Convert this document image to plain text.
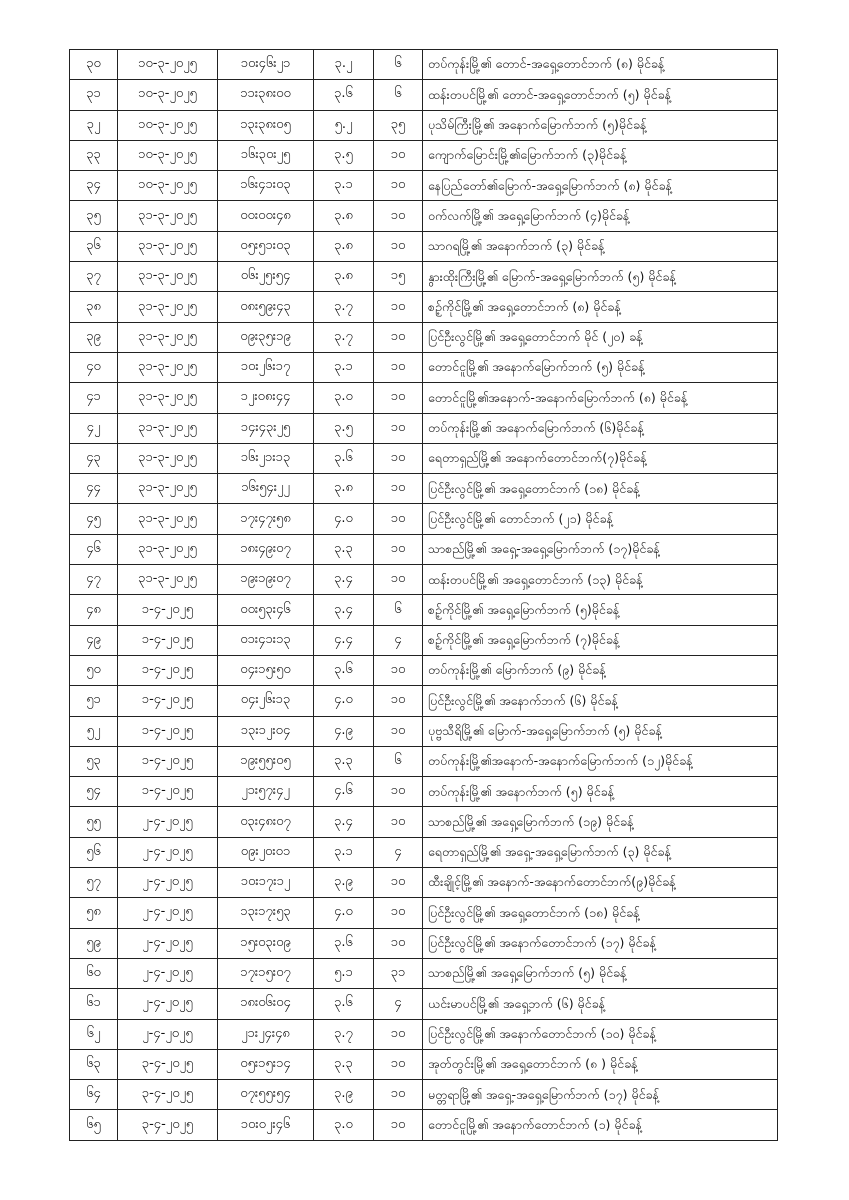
၃၀	၁၀-၃-၂၀၂၅	၁၀း၄၆း၂၁	၃.၂	၆	တပ်ကုန်းမြို့၏ တောင်-အရှေ့တောင်ဘက် (၈) မိုင်ခန့်
၃၁	၁၀-၃-၂၀၂၅	၁၁း၃၈း၀၀	၃.၆	၆	ထန်းတပင်မြို့၏ တောင်-အရှေ့တောင်ဘက် (၅) မိုင်ခန့်
၃၂	၁၀-၃-၂၀၂၅	၁၃း၃၈း၀၅	၅.၂	၃၅	ပုသိမ်ကြီးမြို့၏ အနောက်မြောက်ဘက် (၅)မိုင်ခန့်
၃၃	၁၀-၃-၂၀၂၅	၁၆း၃၀း၂၅	၃.၅	၁၀	ကျောက်မြောင်းမြို့၏မြောက်ဘက် (၃)မိုင်ခန့်
၃၄	၁၀-၃-၂၀၂၅	၁၆း၄၁း၀၃	၃.၁	၁၀	နေပြည်တော်၏မြောက်-အရှေ့မြောက်ဘက် (၈) မိုင်ခန့်
၃၅	၃၁-၃-၂၀၂၅	၀၀း၀၀း၄၈	၃.၈	၁၀	ဝက်လက်မြို့၏ အရှေ့မြောက်ဘက် (၄)မိုင်ခန့်
၃၆	၃၁-၃-၂၀၂၅	၀၅း၅၁း၀၃	၃.၈	၁၀	သာဂရမြို့၏ အနောက်ဘက် (၃) မိုင်ခန့်
၃၇	၃၁-၃-၂၀၂၅	၀၆း၂၅း၅၄	၃.၈	၁၅	နွားထိုးကြီးမြို့၏ မြောက်-အရှေ့မြောက်ဘက် (၅) မိုင်ခန့်
၃၈	၃၁-၃-၂၀၂၅	၀၈း၅၉း၄၃	၃.၇	၁၀	စဥ့်ကိုင်မြို့၏ အရှေ့တောင်ဘက် (၈) မိုင်ခန့်
၃၉	၃၁-၃-၂၀၂၅	၀၉း၃၅း၁၉	၃.၇	၁၀	ပြင်ဦးလွင်မြို့၏ အရှေ့တောင်ဘက် မိုင် (၂၀) ခန့်
၄၀	၃၁-၃-၂၀၂၅	၁၀း၂၆း၁၇	၃.၁	၁၀	တောင်ငူမြို့၏ အနောက်မြောက်ဘက် (၅) မိုင်ခန့်
၄၁	၃၁-၃-၂၀၂၅	၁၂း၀၈း၄၄	၃.၀	၁၀	တောင်ငူမြို့၏အနောက်-အနောက်မြောက်ဘက် (၈) မိုင်ခန့်
၄၂	၃၁-၃-၂၀၂၅	၁၄း၄၃း၂၅	၃.၅	၁၀	တပ်ကုန်းမြို့၏ အနောက်မြောက်ဘက် (၆)မိုင်ခန့်
၄၃	၃၁-၃-၂၀၂၅	၁၆း၂၁း၁၃	၃.၆	၁၀	ရေတာရှည်မြို့၏ အနောက်တောင်ဘက်(၇)မိုင်ခန့်
၄၄	၃၁-၃-၂၀၂၅	၁၆း၅၄း၂၂	၃.၈	၁၀	ပြင်ဦးလွင်မြို့၏ အရှေ့တောင်ဘက် (၁၈) မိုင်ခန့်
၄၅	၃၁-၃-၂၀၂၅	၁၇း၄၇း၅၈	၄.၀	၁၀	ပြင်ဦးလွင်မြို့၏ တောင်ဘက် (၂၁) မိုင်ခန့်
၄၆	၃၁-၃-၂၀၂၅	၁၈း၄၉း၀၇	၃.၃	၁၀	သာစည်မြို့၏ အရှေ့-အရှေ့မြောက်ဘက် (၁၇)မိုင်ခန့်
၄၇	၃၁-၃-၂၀၂၅	၁၉း၁၉း၀၇	၃.၄	၁၀	ထန်းတပင်မြို့၏ အရှေ့တောင်ဘက် (၁၃) မိုင်ခန့်
၄၈	၁-၄-၂၀၂၅	၀၀း၅၃း၄၆	၃.၄	၆	စဥ့်ကိုင်မြို့၏ အရှေ့မြောက်ဘက် (၅)မိုင်ခန့်
၄၉	၁-၄-၂၀၂၅	၀၁း၄၁း၁၃	၄.၄	၄	စဥ့်ကိုင်မြို့၏ အရှေ့မြောက်ဘက် (၇)မိုင်ခန့်
၅၀	၁-၄-၂၀၂၅	၀၄း၁၅း၅၀	၃.၆	၁၀	တပ်ကုန်းမြို့၏ မြောက်ဘက် (၉) မိုင်ခန့်
၅၁	၁-၄-၂၀၂၅	၀၄း၂၆း၁၃	၄.၀	၁၀	ပြင်ဦးလွင်မြို့၏ အနောက်ဘက် (၆) မိုင်ခန့်
၅၂	၁-၄-၂၀၂၅	၁၃း၁၂း၀၄	၄.၉	၁၀	ပုဗ္ဗသီရိမြို့၏ မြောက်-အရှေ့မြောက်ဘက် (၅) မိုင်ခန့်
၅၃	၁-၄-၂၀၂၅	၁၉း၅၅း၀၅	၃.၃	၆	တပ်ကုန်းမြို့၏အနောက်-အနောက်မြောက်ဘက် (၁၂)မိုင်ခန့်
၅၄	၁-၄-၂၀၂၅	၂၁း၅၇း၄၂	၄.၆	၁၀	တပ်ကုန်းမြို့၏ အနောက်ဘက် (၅) မိုင်ခန့်
၅၅	၂-၄-၂၀၂၅	၀၃း၄၈း၀၇	၃.၄	၁၀	သာစည်မြို့၏ အရှေ့မြောက်ဘက် (၁၉) မိုင်ခန့်
၅၆	၂-၄-၂၀၂၅	၀၉း၂၀း၀၁	၃.၁	၄	ရေတာရှည်မြို့၏ အရှေ့-အရှေ့မြောက်ဘက် (၃) မိုင်ခန့်
၅၇	၂-၄-၂၀၂၅	၁၀း၁၇း၁၂	၃.၉	၁၀	ထီးချိုင့်မြို့၏ အနောက်-အနောက်တောင်ဘက်(၉)မိုင်ခန့်
၅၈	၂-၄-၂၀၂၅	၁၃း၁၇း၅၃	၄.၀	၁၀	ပြင်ဦးလွင်မြို့၏ အရှေ့တောင်ဘက် (၁၈) မိုင်ခန့်
၅၉	၂-၄-၂၀၂၅	၁၅း၀၃း၀၉	၃.၆	၁၀	ပြင်ဦးလွင်မြို့၏ အနောက်တောင်ဘက် (၁၇) မိုင်ခန့်
၆၀	၂-၄-၂၀၂၅	၁၇း၁၅း၀၇	၅.၁	၃၁	သာစည်မြို့၏ အရှေ့မြောက်ဘက် (၅) မိုင်ခန့်
၆၁	၂-၄-၂၀၂၅	၁၈း၀၆း၀၄	၃.၆	၄	ယင်းမာပင်မြို့၏ အရှေ့ဘက် (၆) မိုင်ခန့်
၆၂	၂-၄-၂၀၂၅	၂၁း၂၄း၄၈	၃.၇	၁၀	ပြင်ဦးလွင်မြို့၏ အနောက်တောင်ဘက် (၁၀) မိုင်ခန့်
၆၃	၃-၄-၂၀၂၅	၀၅း၁၅း၁၄	၃.၃	၁၀	အုတ်တွင်းမြို့၏ အရှေ့တောင်ဘက် (၈ ) မိုင်ခန့်
၆၄	၃-၄-၂၀၂၅	၀၇း၅၅း၅၄	၃.၉	၁၀	မတ္တရာမြို့၏ အရှေ့-အရှေ့မြောက်ဘက် (၁၇) မိုင်ခန့်
၆၅	၃-၄-၂၀၂၅	၁၀း၀၂း၄၆	၃.၀	၁၀	တောင်ငူမြို့၏ အနောက်တောင်ဘက် (၁) မိုင်ခန့်
